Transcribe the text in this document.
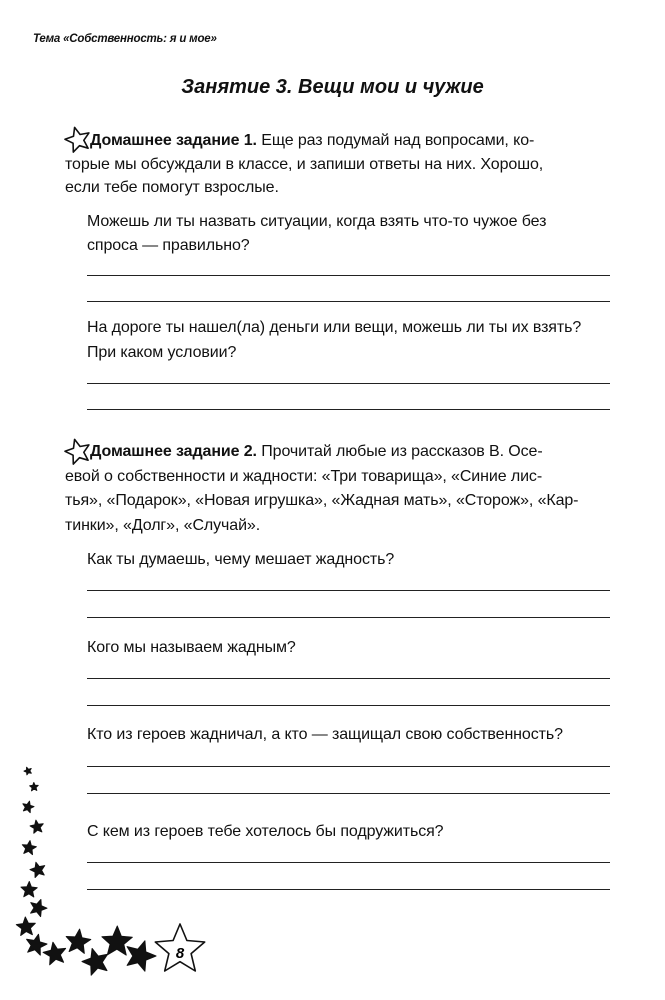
Тема «Собственность: я и мое»
Занятие 3. Вещи мои и чужие
8
Домашнее задание 1. Еще раз подумай над вопросами, ко-
торые мы обсуждали в классе, и запиши ответы на них. Хорошо,
если тебе помогут взрослые.
Можешь ли ты назвать ситуации, когда взять что-то чужое без
спроса — правильно?
На дороге ты нашел(ла) деньги или вещи, можешь ли ты их взять?
При каком условии?
Домашнее задание 2. Прочитай любые из рассказов В. Осе-
евой о собственности и жадности: «Три товарища», «Синие лис-
тья», «Подарок», «Новая игрушка», «Жадная мать», «Сторож», «Кар-
тинки», «Долг», «Случай».
Как ты думаешь, чему мешает жадность?
Кого мы называем жадным?
Кто из героев жадничал, а кто — защищал свою собственность?
С кем из героев тебе хотелось бы подружиться?
